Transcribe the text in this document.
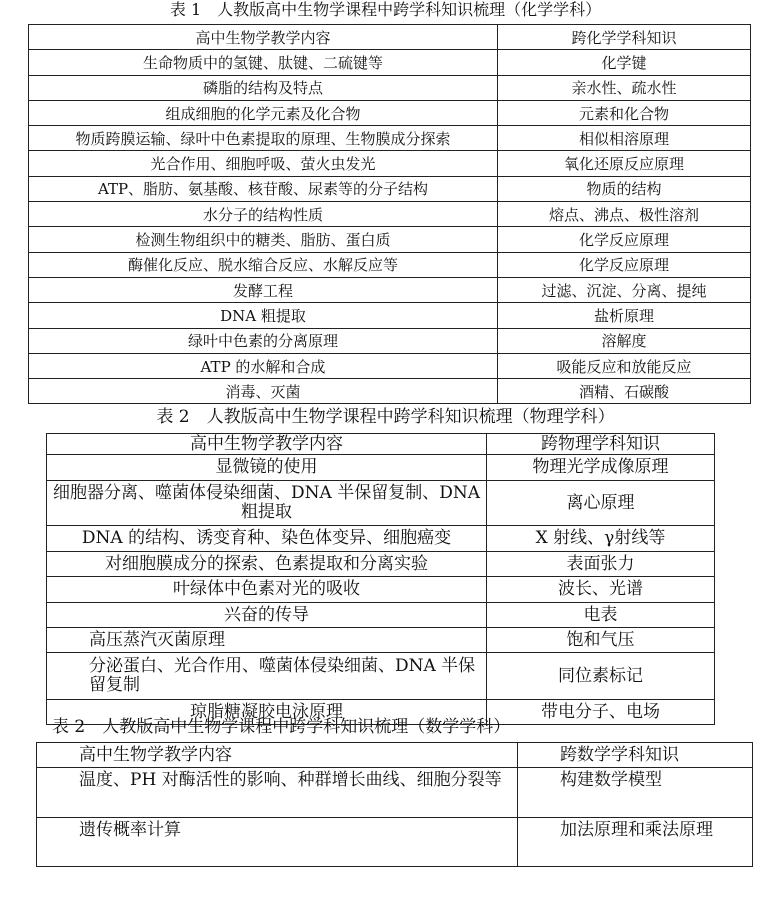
表 1　人教版高中生物学课程中跨学科知识梳理（化学学科）
高中生物学教学内容	跨化学学科知识
生命物质中的氢键、肽键、二硫键等	化学键
磷脂的结构及特点	亲水性、疏水性
组成细胞的化学元素及化合物	元素和化合物
物质跨膜运输、绿叶中色素提取的原理、生物膜成分探索	相似相溶原理
光合作用、细胞呼吸、萤火虫发光	氧化还原反应原理
ATP、脂肪、氨基酸、核苷酸、尿素等的分子结构	物质的结构
水分子的结构性质	熔点、沸点、极性溶剂
检测生物组织中的糖类、脂肪、蛋白质	化学反应原理
酶催化反应、脱水缩合反应、水解反应等	化学反应原理
发酵工程	过滤、沉淀、分离、提纯
DNA 粗提取	盐析原理
绿叶中色素的分离原理	溶解度
ATP 的水解和合成	吸能反应和放能反应
消毒、灭菌	酒精、石碳酸
表 2　人教版高中生物学课程中跨学科知识梳理（物理学科）
高中生物学教学内容	跨物理学科知识
显微镜的使用	物理光学成像原理
细胞器分离、噬菌体侵染细菌、DNA 半保留复制、DNA 粗提取	离心原理
DNA 的结构、诱变育种、染色体变异、细胞癌变	X 射线、γ射线等
对细胞膜成分的探索、色素提取和分离实验	表面张力
叶绿体中色素对光的吸收	波长、光谱
兴奋的传导	电表
高压蒸汽灭菌原理	饱和气压
分泌蛋白、光合作用、噬菌体侵染细菌、DNA 半保留复制	同位素标记
琼脂糖凝胶电泳原理	带电分子、电场
表 2　人教版高中生物学课程中跨学科知识梳理（数学学科）
高中生物学教学内容	跨数学学科知识
温度、PH 对酶活性的影响、种群增长曲线、细胞分裂等	构建数学模型
遗传概率计算	加法原理和乘法原理
